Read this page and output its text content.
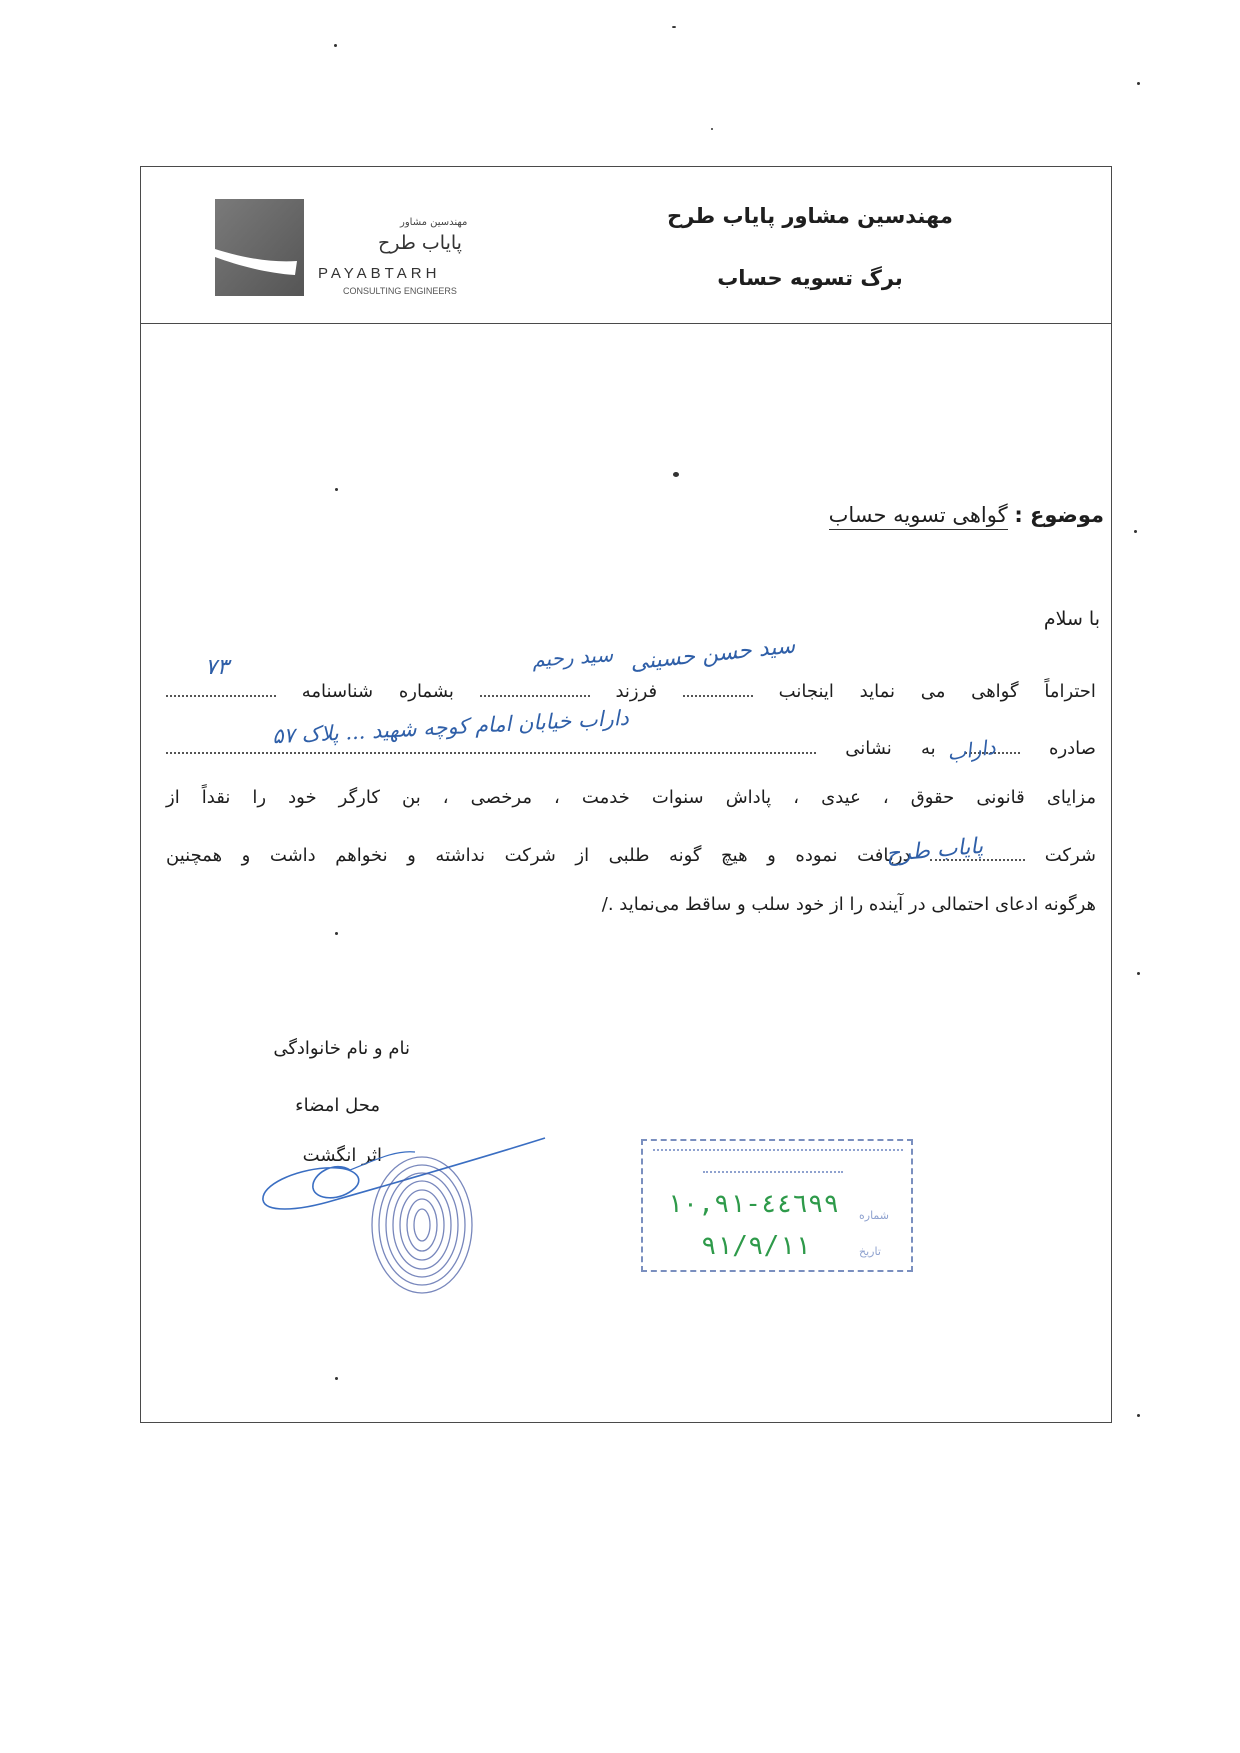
مهندسین مشاور پایاب طرح
برگ تسویه حساب
مهندسین مشاور
پایاب طرح
PAYABTARH
CONSULTING ENGINEERS
موضوع : گواهی تسویه حساب
با سلام
احتراماً گواهی می نماید اینجانب  فرزند  بشماره شناسنامه
صادره  به نشانی
مزایای قانونی حقوق ، عیدی ، پاداش سنوات خدمت ، مرخصی ، بن کارگر خود را نقداً از
شرکت  دریافت نموده و هیچ گونه طلبی از شرکت نداشته و نخواهم داشت و همچنین
هرگونه ادعای احتمالی در آینده را از خود سلب و ساقط می‌نماید ./
سید حسن حسینی
سید رحیم
۷۳
داراب
داراب خیابان امام کوچه شهید ... پلاک ۵۷
پایاب طرح
نام و نام خانوادگی
محل امضاء
اثر انگشت
۱۰,۹۱-٤٤٦۹۹
۹۱/۹/۱۱
شماره
تاریخ
